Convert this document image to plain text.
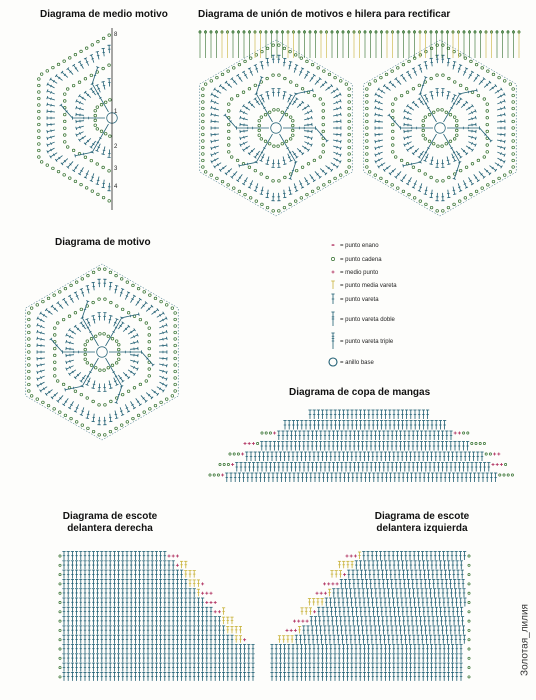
Diagrama de medio motivo	Diagrama de unión de motivos e hilera para rectificar
Diagrama de motivo
Diagrama de copa de mangas
Diagrama de escote delantera derecha
Diagrama de escote delantera izquierda
8
1
2
3
4
= punto enano
= punto cadena
= medio punto
= punto media vareta
= punto vareta
= punto vareta doble
= punto vareta triple
= anillo base
Золотая_лилия
